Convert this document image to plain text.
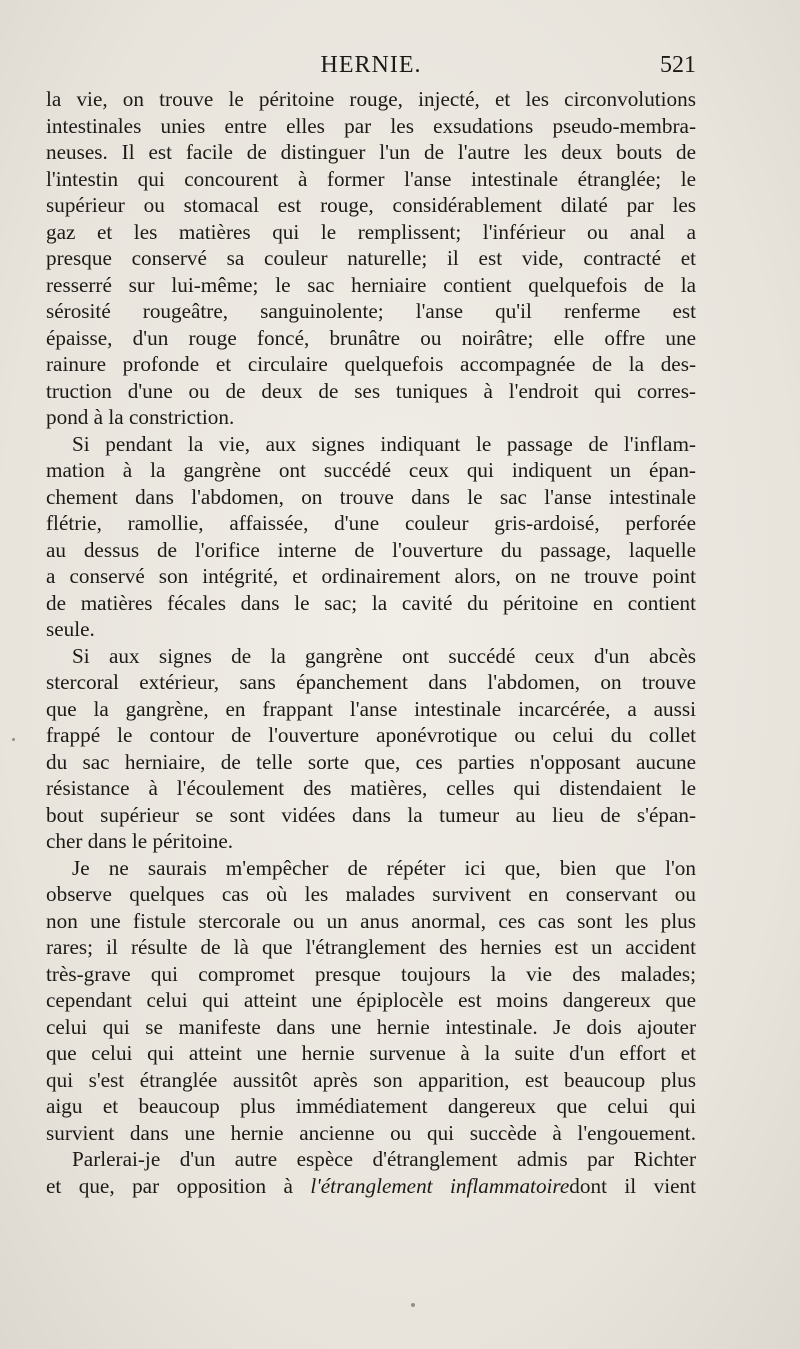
HERNIE.	521

la vie, on trouve le péritoine rouge, injecté, et les circonvolutions
intestinales unies entre elles par les exsudations pseudo-membra-
neuses. Il est facile de distinguer l'un de l'autre les deux bouts de
l'intestin qui concourent à former l'anse intestinale étranglée; le
supérieur ou stomacal est rouge, considérablement dilaté par les
gaz et les matières qui le remplissent; l'inférieur ou anal a
presque conservé sa couleur naturelle; il est vide, contracté et
resserré sur lui-même; le sac herniaire contient quelquefois de la
sérosité rougeâtre, sanguinolente; l'anse qu'il renferme est
épaisse, d'un rouge foncé, brunâtre ou noirâtre; elle offre une
rainure profonde et circulaire quelquefois accompagnée de la des-
truction d'une ou de deux de ses tuniques à l'endroit qui corres-
pond à la constriction.

Si pendant la vie, aux signes indiquant le passage de l'inflam-
mation à la gangrène ont succédé ceux qui indiquent un épan-
chement dans l'abdomen, on trouve dans le sac l'anse intestinale
flétrie, ramollie, affaissée, d'une couleur gris-ardoisé, perforée
au dessus de l'orifice interne de l'ouverture du passage, laquelle
a conservé son intégrité, et ordinairement alors, on ne trouve point
de matières fécales dans le sac; la cavité du péritoine en contient
seule.

Si aux signes de la gangrène ont succédé ceux d'un abcès
stercoral extérieur, sans épanchement dans l'abdomen, on trouve
que la gangrène, en frappant l'anse intestinale incarcérée, a aussi
frappé le contour de l'ouverture aponévrotique ou celui du collet
du sac herniaire, de telle sorte que, ces parties n'opposant aucune
résistance à l'écoulement des matières, celles qui distendaient le
bout supérieur se sont vidées dans la tumeur au lieu de s'épan-
cher dans le péritoine.

Je ne saurais m'empêcher de répéter ici que, bien que l'on
observe quelques cas où les malades survivent en conservant ou
non une fistule stercorale ou un anus anormal, ces cas sont les plus
rares; il résulte de là que l'étranglement des hernies est un accident
très-grave qui compromet presque toujours la vie des malades;
cependant celui qui atteint une épiplocèle est moins dangereux que
celui qui se manifeste dans une hernie intestinale. Je dois ajouter
que celui qui atteint une hernie survenue à la suite d'un effort et
qui s'est étranglée aussitôt après son apparition, est beaucoup plus
aigu et beaucoup plus immédiatement dangereux que celui qui
survient dans une hernie ancienne ou qui succède à l'engouement.

Parlerai-je d'un autre espèce d'étranglement admis par Richter
et que, par opposition à l'étranglement inflammatoiredont il vient
